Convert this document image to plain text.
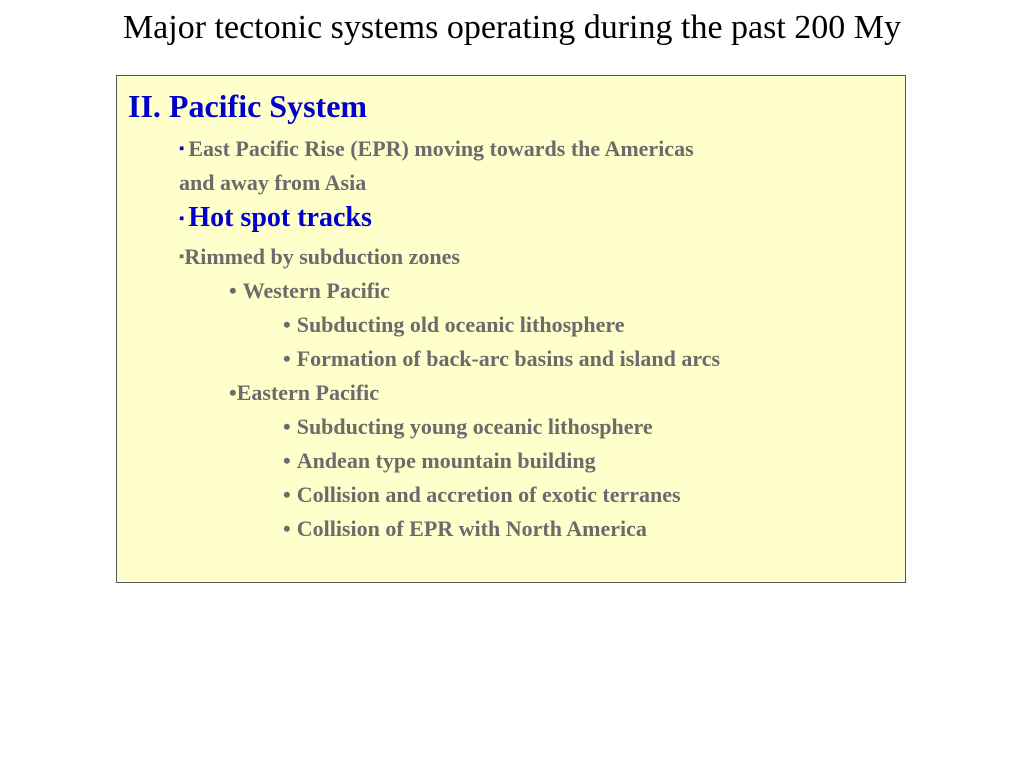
Major tectonic systems operating during the past 200 My
II. Pacific System
▪ East Pacific Rise (EPR) moving towards the Americas
and away from Asia
▪ Hot spot tracks
▪Rimmed by subduction zones
• Western Pacific
• Subducting old oceanic lithosphere
• Formation of back-arc basins and island arcs
•Eastern Pacific
• Subducting young oceanic lithosphere
• Andean type mountain building
• Collision and accretion of exotic terranes
• Collision of EPR with North America
